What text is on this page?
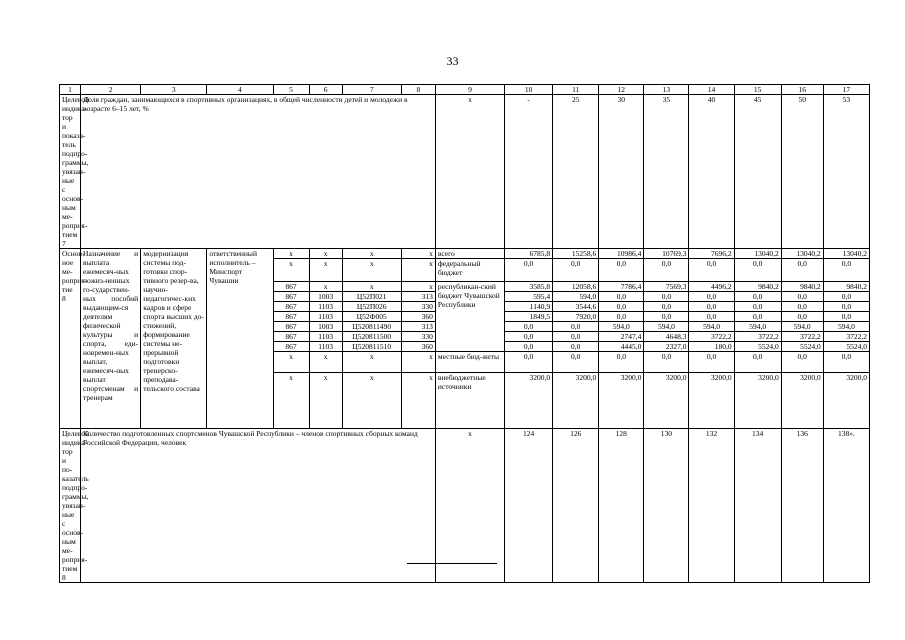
33
1	2	3	4	5	6	7	8	9	10	11	12	13	14	15	16	17
Целевой индика-тор и показа-тель подпро-граммы, увязан-ные с основ-ным ме-роприя-тием 7	Доля граждан, занимающихся в спортивных организациях, в общей численности детей и молодежи в возрасте 6–15 лет, %							x	-	25	30	35	40	45	50	53
Основ-ное ме-роприя-тие 8	Назначение и выплата ежемесяч-ных пожиз-ненных го-сударствен-ных пособий выдающим-ся деятелям физической культуры и спорта, еди-новремен-ных выплат, ежемесяч-ных выплат спортсменам и тренерам	модернизация системы под-готовки спор-тивного резер-ва, научно-педагогичес-ких кадров и сфере спорта высших до-стижений, формирование системы не-прерывной подготовки тренерско-преподава-тельского состава	ответственный исполнитель – Минспорт Чувашии	x	x	x	x	всего	6785,8	15258,6	10986,4	10769,3	7696,2	13040,2	13040,2	13040,2
				x	x	x	x	федеральный бюджет	0,0	0,0	0,0	0,0	0,0	0,0	0,0	0,0
				867	x	x	x	республикан-ский бюджет Чувашской Республики	3585,8	12058,6	7786,4	7569,3	4496,2	9840,2	9840,2	9840,2
				867	1003	Ц52П021	313		595,4	594,0	0,0	0,0	0,0	0,0	0,0	0,0
				867	1103	Ц52П026	330		1140,9	3544,6	0,0	0,0	0,0	0,0	0,0	0,0
				867	1103	Ц52Ф005	360		1849,5	7920,0	0,0	0,0	0,0	0,0	0,0	0,0
				867	1003	Ц520811490	313		0,0	0,0	594,0	594,0	594,0	594,0	594,0	594,0
				867	1103	Ц520811500	330		0,0	0,0	2747,4	4648,3	3722,2	3722,2	3722,2	3722,2
				867	1103	Ц520811510	360		0,0	0,0	4445,0	2327,0	180,0	5524,0	5524,0	5524,0
				x	x	x	x	местные бюд-жеты	0,0	0,0	0,0	0,0	0,0	0,0	0,0	0,0
				x	x	x	x	внебюджетные источники	3200,0	3200,0	3200,0	3200,0	3200,0	3200,0	3200,0	3200,0
Целевой индика-тор и по-казатель подпро-граммы, увязан-ные с основ-ным ме-роприя-тием 8	Количество подготовленных спортсменов Чувашской Республики – членов спортивных сборных команд Российской Федерации, человек							x	124	126	128	130	132	134	136	138».
